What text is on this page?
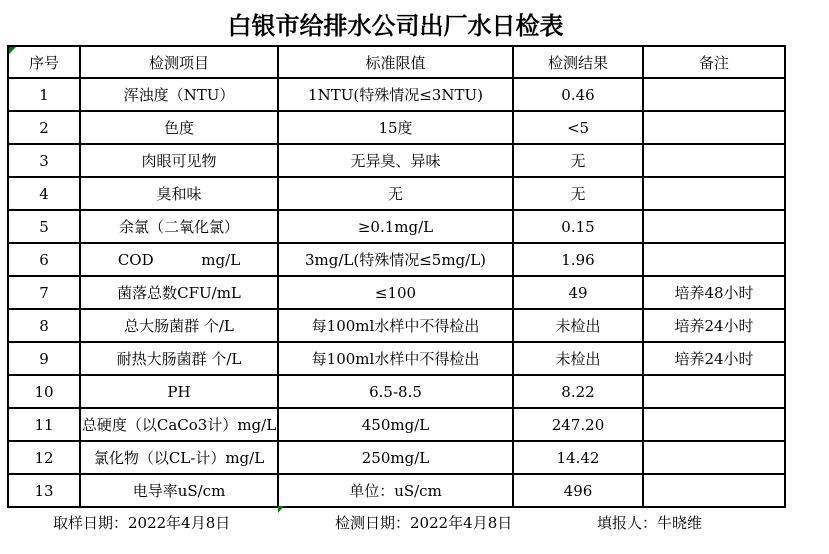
白银市给排水公司出厂水日检表
序号	检测项目	标准限值	检测结果	备注
1	浑浊度（NTU）	1NTU(特殊情况≤3NTU)	0.46	
2	色度	15度	<5	
3	肉眼可见物	无异臭、异味	无	
4	臭和味	无	无	
5	余氯（二氧化氯）	≥0.1mg/L	0.15	
6	COD          mg/L	3mg/L(特殊情况≤5mg/L)	1.96	
7	菌落总数CFU/mL	≤100	49	培养48小时
8	总大肠菌群 个/L	每100ml水样中不得检出	未检出	培养24小时
9	耐热大肠菌群 个/L	每100ml水样中不得检出	未检出	培养24小时
10	PH	6.5-8.5	8.22	
11	总硬度（以CaCo3计）mg/L	450mg/L	247.20	
12	氯化物（以CL-计）mg/L	250mg/L	14.42	
13	电导率uS/cm	单位：uS/cm	496	
取样日期：2022年4月8日	检测日期：2022年4月8日	填报人：牛晓维
